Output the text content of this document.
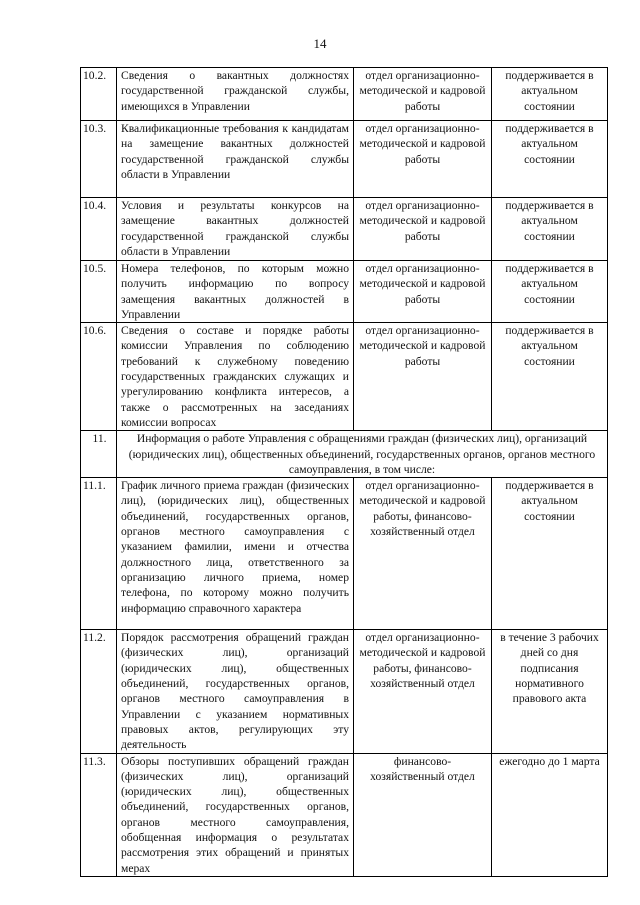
14
10.2.	Сведения о вакантных должностях государственной гражданской службы, имеющихся в Управлении	отдел организационно-методической и кадровой работы	поддерживается в актуальном состоянии
10.3.	Квалификационные требования к кандидатам на замещение вакантных должностей государственной гражданской службы области в Управлении	отдел организационно-методической и кадровой работы	поддерживается в актуальном состоянии
10.4.	Условия и результаты конкурсов на замещение вакантных должностей государственной гражданской службы области в Управлении	отдел организационно-методической и кадровой работы	поддерживается в актуальном состоянии
10.5.	Номера телефонов, по которым можно получить информацию по вопросу замещения вакантных должностей в Управлении	отдел организационно-методической и кадровой работы	поддерживается в актуальном состоянии
10.6.	Сведения о составе и порядке работы комиссии Управления по соблюдению требований к служебному поведению государственных гражданских служащих и урегулированию конфликта интересов, а также о рассмотренных на заседаниях комиссии вопросах	отдел организационно-методической и кадровой работы	поддерживается в актуальном состоянии
11.	Информация о работе Управления с обращениями граждан (физических лиц), организаций (юридических лиц), общественных объединений, государственных органов, органов местного самоуправления, в том числе:		
11.1.	График личного приема граждан (физических лиц), (юридических лиц), общественных объединений, государственных органов, органов местного самоуправления с указанием фамилии, имени и отчества должностного лица, ответственного за организацию личного приема, номер телефона, по которому можно получить информацию справочного характера	отдел организационно-методической и кадровой работы, финансово-хозяйственный отдел	поддерживается в актуальном состоянии
11.2.	Порядок рассмотрения обращений граждан (физических лиц), организаций (юридических лиц), общественных объединений, государственных органов, органов местного самоуправления в Управлении с указанием нормативных правовых актов, регулирующих эту деятельность	отдел организационно-методической и кадровой работы, финансово-хозяйственный отдел	в течение 3 рабочих дней со дня подписания нормативного правового акта
11.3.	Обзоры поступивших обращений граждан (физических лиц), организаций (юридических лиц), общественных объединений, государственных органов, органов местного самоуправления, обобщенная информация о результатах рассмотрения этих обращений и принятых мерах	финансово-хозяйственный отдел	ежегодно до 1 марта
